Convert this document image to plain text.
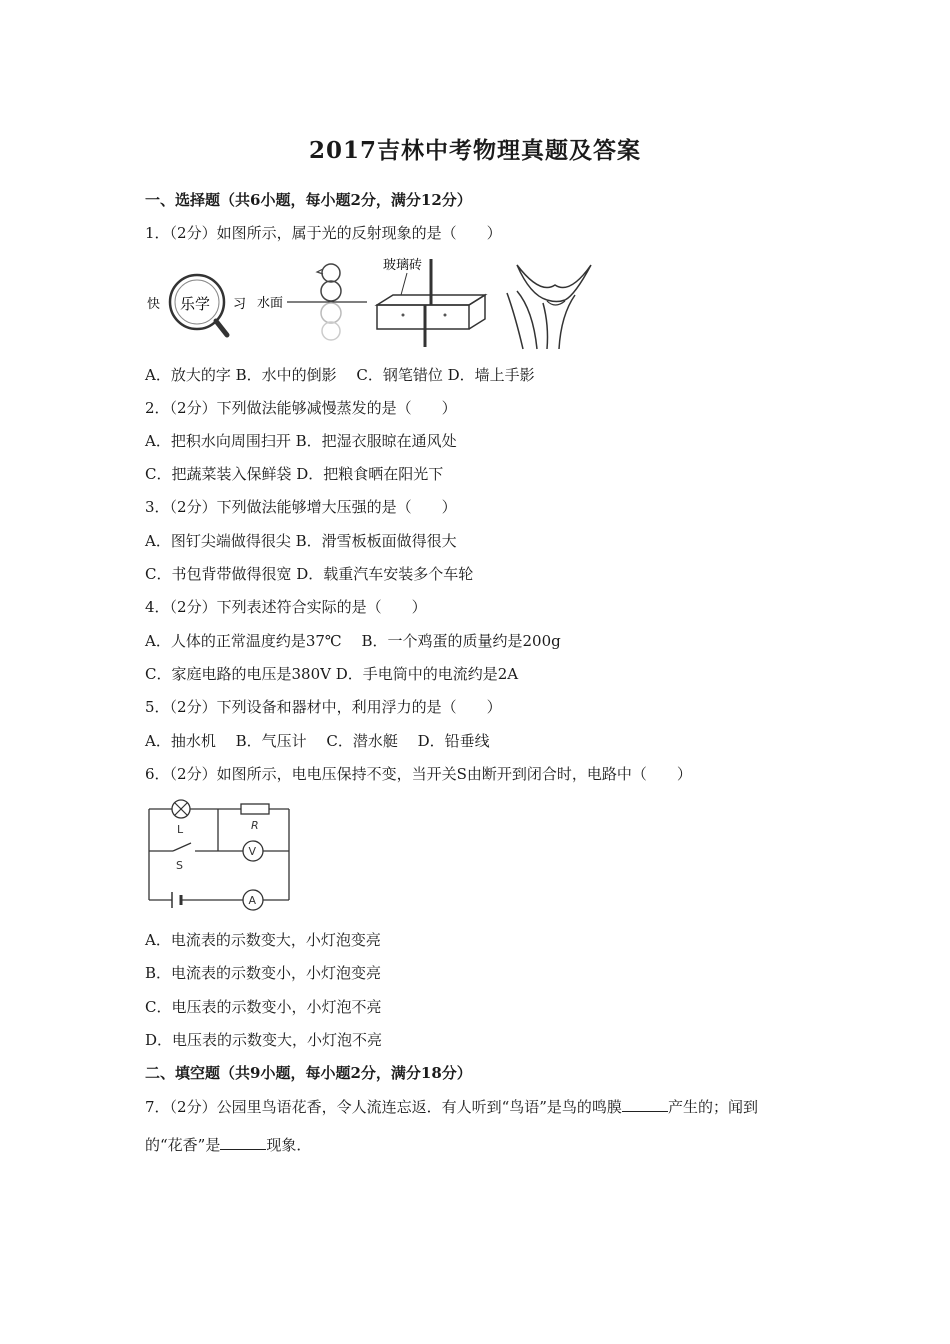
2017吉林中考物理真题及答案
一、选择题（共6小题，每小题2分，满分12分）
1．（2分）如图所示，属于光的反射现象的是（　　）
快 乐学 习 水面
玻璃砖
A．放大的字 B．水中的倒影　 C．钢笔错位 D．墙上手影
2．（2分）下列做法能够减慢蒸发的是（　　）
A．把积水向周围扫开 B．把湿衣服晾在通风处
C．把蔬菜装入保鲜袋 D．把粮食晒在阳光下
3．（2分）下列做法能够增大压强的是（　　）
A．图钉尖端做得很尖 B．滑雪板板面做得很大
C．书包背带做得很宽 D．载重汽车安装多个车轮
4．（2分）下列表述符合实际的是（　　）
A．人体的正常温度约是37℃　 B．一个鸡蛋的质量约是200g
C．家庭电路的电压是380V D．手电筒中的电流约是2A
5．（2分）下列设备和器材中，利用浮力的是（　　）
A．抽水机　 B．气压计　 C．潜水艇　 D．铅垂线
6．（2分）如图所示，电电压保持不变，当开关S由断开到闭合时，电路中（　　）
L	R
S
V
A
A．电流表的示数变大，小灯泡变亮
B．电流表的示数变小，小灯泡变亮
C．电压表的示数变小，小灯泡不亮
D．电压表的示数变大，小灯泡不亮
二、填空题（共9小题，每小题2分，满分18分）
7．（2分）公园里鸟语花香，令人流连忘返．有人听到“鸟语”是鸟的鸣膜	产生的；闻到
的“花香”是	现象．
